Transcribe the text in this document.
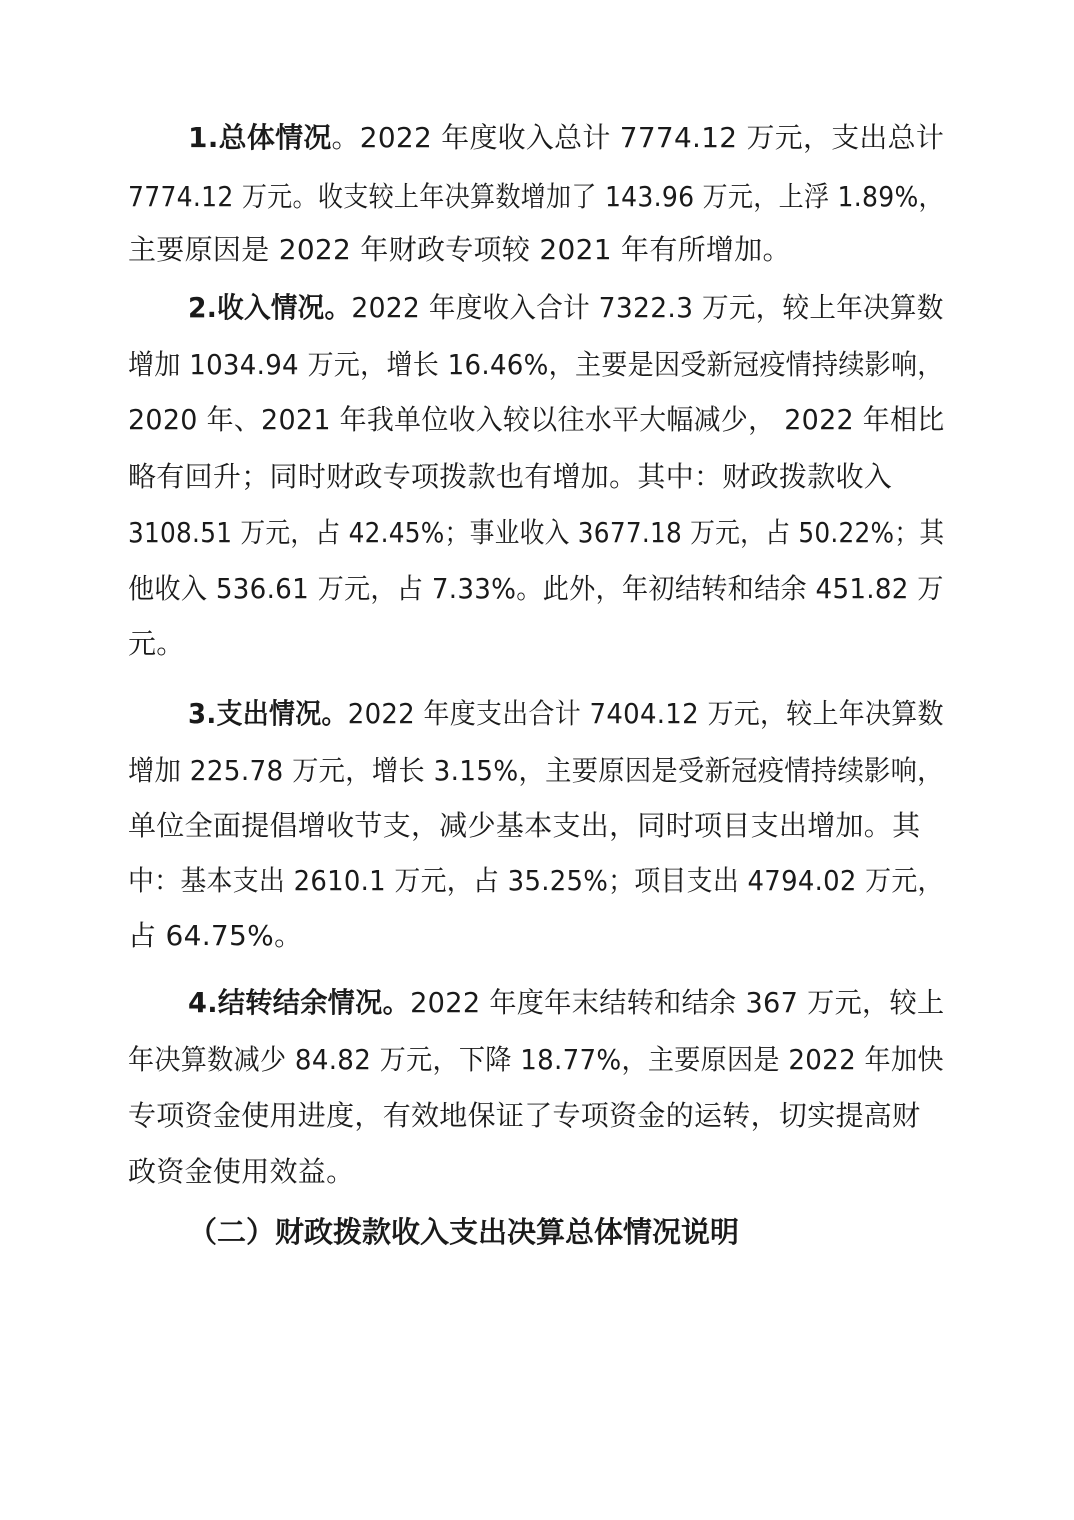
1.总体情况。2022 年度收入总计 7774.12 万元，支出总计
7774.12 万元。收支较上年决算数增加了 143.96 万元，上浮 1.89%，
主要原因是 2022 年财政专项较 2021 年有所增加。
2.收入情况。2022 年度收入合计 7322.3 万元，较上年决算数
增加 1034.94 万元，增长 16.46%，主要是因受新冠疫情持续影响，
2020 年、2021 年我单位收入较以往水平大幅减少， 2022 年相比
略有回升；同时财政专项拨款也有增加。其中：财政拨款收入
3108.51 万元，占 42.45%；事业收入 3677.18 万元，占 50.22%；其
他收入 536.61 万元，占 7.33%。此外，年初结转和结余 451.82 万
元。
3.支出情况。2022 年度支出合计 7404.12 万元，较上年决算数
增加 225.78 万元，增长 3.15%，主要原因是受新冠疫情持续影响，
单位全面提倡增收节支，减少基本支出，同时项目支出增加。其
中：基本支出 2610.1 万元，占 35.25%；项目支出 4794.02 万元，
占 64.75%。
4.结转结余情况。2022 年度年末结转和结余 367 万元，较上
年决算数减少 84.82 万元，下降 18.77%，主要原因是 2022 年加快
专项资金使用进度，有效地保证了专项资金的运转，切实提高财
政资金使用效益。
（二）财政拨款收入支出决算总体情况说明
